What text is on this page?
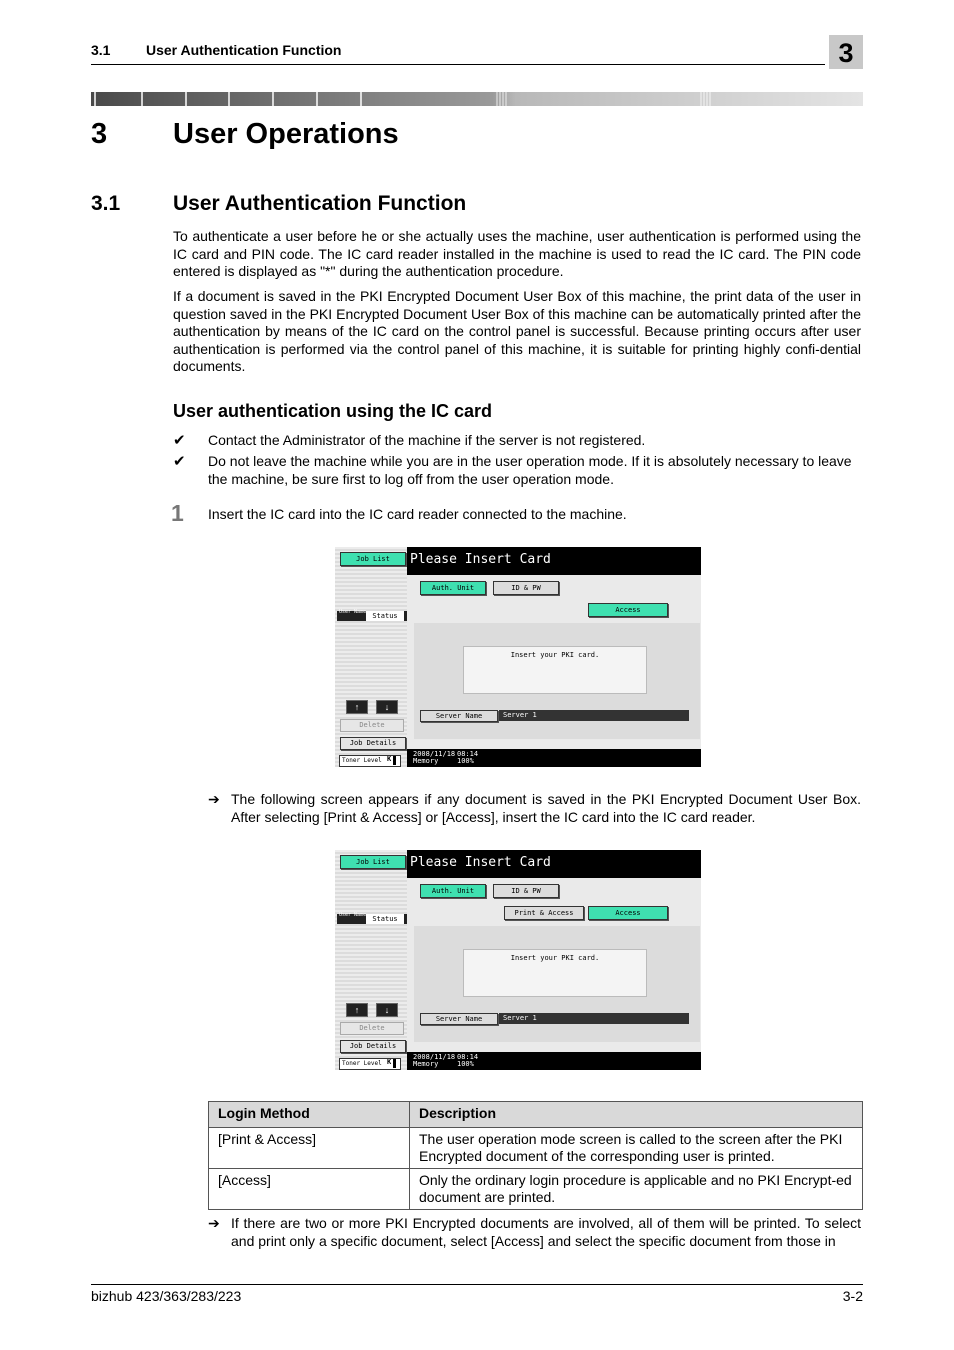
3.1	User Authentication Function	3
3 User Operations
3.1	User Authentication Function
To authenticate a user before he or she actually uses the machine, user authentication is performed using the IC card and PIN code. The IC card reader installed in the machine is used to read the IC card. The PIN code entered is displayed as "*" during the authentication procedure.
If a document is saved in the PKI Encrypted Document User Box of this machine, the print data of the user in question saved in the PKI Encrypted Document User Box of this machine can be automatically printed after the authentication by means of the IC card on the control panel is successful. Because printing occurs after user authentication is performed via the control panel of this machine, it is suitable for printing highly confi-dential documents.
User authentication using the IC card
✔ Contact the Administrator of the machine if the server is not registered.
✔ Do not leave the machine while you are in the user operation mode. If it is absolutely necessary to leave the machine, be sure first to log off from the user operation mode.
1 Insert the IC card into the IC card reader connected to the machine.
Job List
User Name Status
↑	↓
Delete
Job Details
Toner Level K
Please Insert Card
Auth. Unit	ID & PW
Access
Insert your PKI card.
Server Name	Server 1
2008/11/18
Memory
08:14
100%
➔ The following screen appears if any document is saved in the PKI Encrypted Document User Box. After selecting [Print & Access] or [Access], insert the IC card into the IC card reader.
Job List
User Name Status
↑	↓
Delete
Job Details
Toner Level K
Please Insert Card
Auth. Unit	ID & PW
Print & Access	Access
Insert your PKI card.
Server Name	Server 1
2008/11/18
Memory
08:14
100%
Login Method	Description
[Print & Access]	The user operation mode screen is called to the screen after the PKI Encrypted document of the corresponding user is printed.
[Access]	Only the ordinary login procedure is applicable and no PKI Encrypt-ed document are printed.
➔ If there are two or more PKI Encrypted documents are involved, all of them will be printed. To select and print only a specific document, select [Access] and select the specific document from those in
bizhub 423/363/283/223	3-2
